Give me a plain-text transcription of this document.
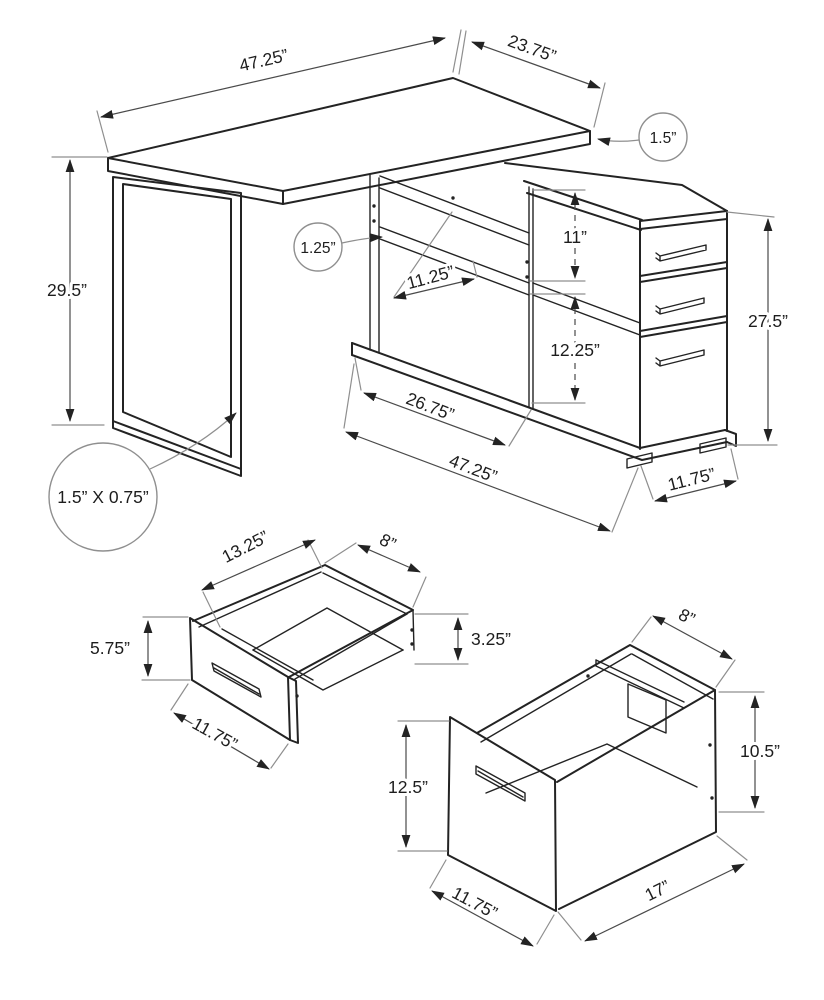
47.25”	23.75”
29.5”
1.5”
1.25”
1.5” X 0.75”
11.25”
11”
12.25”
27.5”
26.75”
47.25”	11.75”
13.25”	8”
5.75”	3.25”
11.75”
8”
10.5”
12.5”
11.75”	17”
